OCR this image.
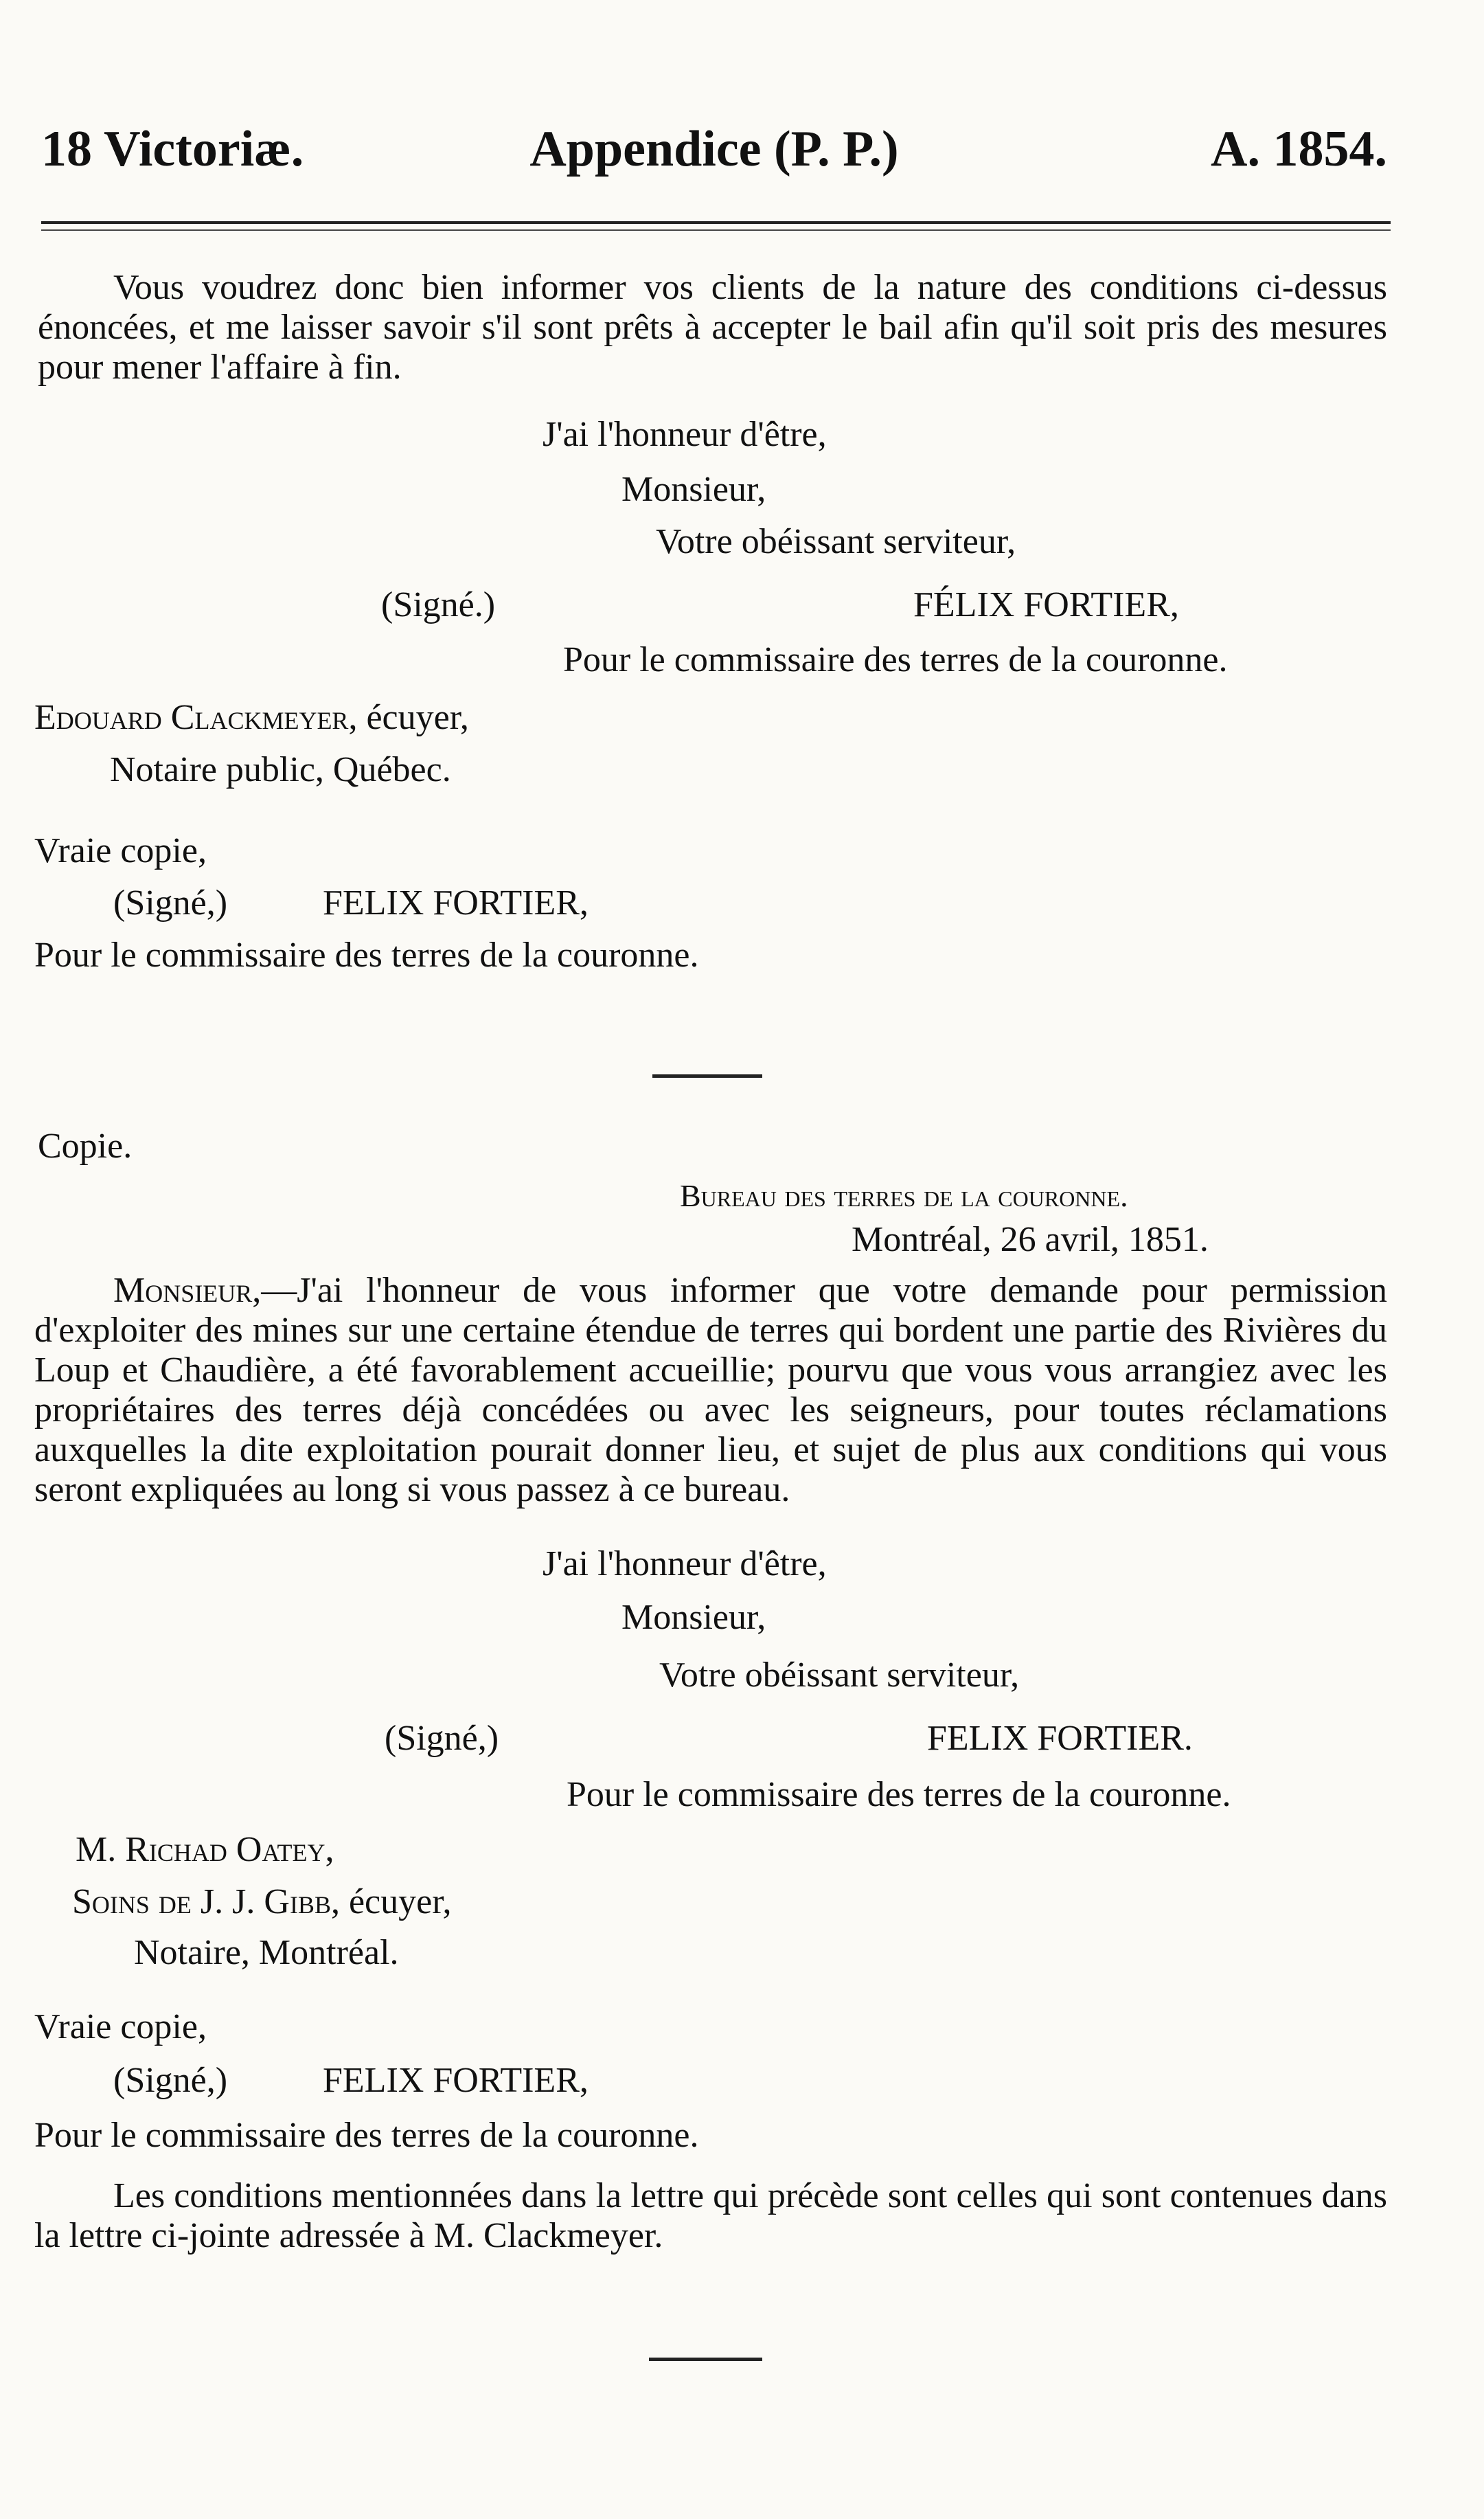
18 Victoriæ.	Appendice (P. P.)	A. 1854.
Vous voudrez donc bien informer vos clients de la nature des conditions ci-dessus énoncées, et me laisser savoir s'il sont prêts à accepter le bail afin qu'il soit pris des mesures pour mener l'affaire à fin.
J'ai l'honneur d'être,
Monsieur,
Votre obéissant serviteur,
(Signé.)	FÉLIX FORTIER,
Pour le commissaire des terres de la couronne.
Edouard Clackmeyer, écuyer,
Notaire public, Québec.
Vraie copie,
(Signé,)	FELIX FORTIER,
Pour le commissaire des terres de la couronne.
Copie.
Bureau des terres de la couronne.
Montréal, 26 avril, 1851.
Monsieur,—J'ai l'honneur de vous informer que votre demande pour permission d'exploiter des mines sur une certaine étendue de terres qui bordent une partie des Rivières du Loup et Chaudière, a été favorablement accueillie; pourvu que vous vous arrangiez avec les propriétaires des terres déjà concédées ou avec les seigneurs, pour toutes réclamations auxquelles la dite exploitation pourait donner lieu, et sujet de plus aux conditions qui vous seront expliquées au long si vous passez à ce bureau.
J'ai l'honneur d'être,
Monsieur,
Votre obéissant serviteur,
(Signé,)	FELIX FORTIER.
Pour le commissaire des terres de la couronne.
M. Richad Oatey,
Soins de J. J. Gibb, écuyer,
Notaire, Montréal.
Vraie copie,
(Signé,)	FELIX FORTIER,
Pour le commissaire des terres de la couronne.
Les conditions mentionnées dans la lettre qui précède sont celles qui sont contenues dans la lettre ci-jointe adressée à M. Clackmeyer.
